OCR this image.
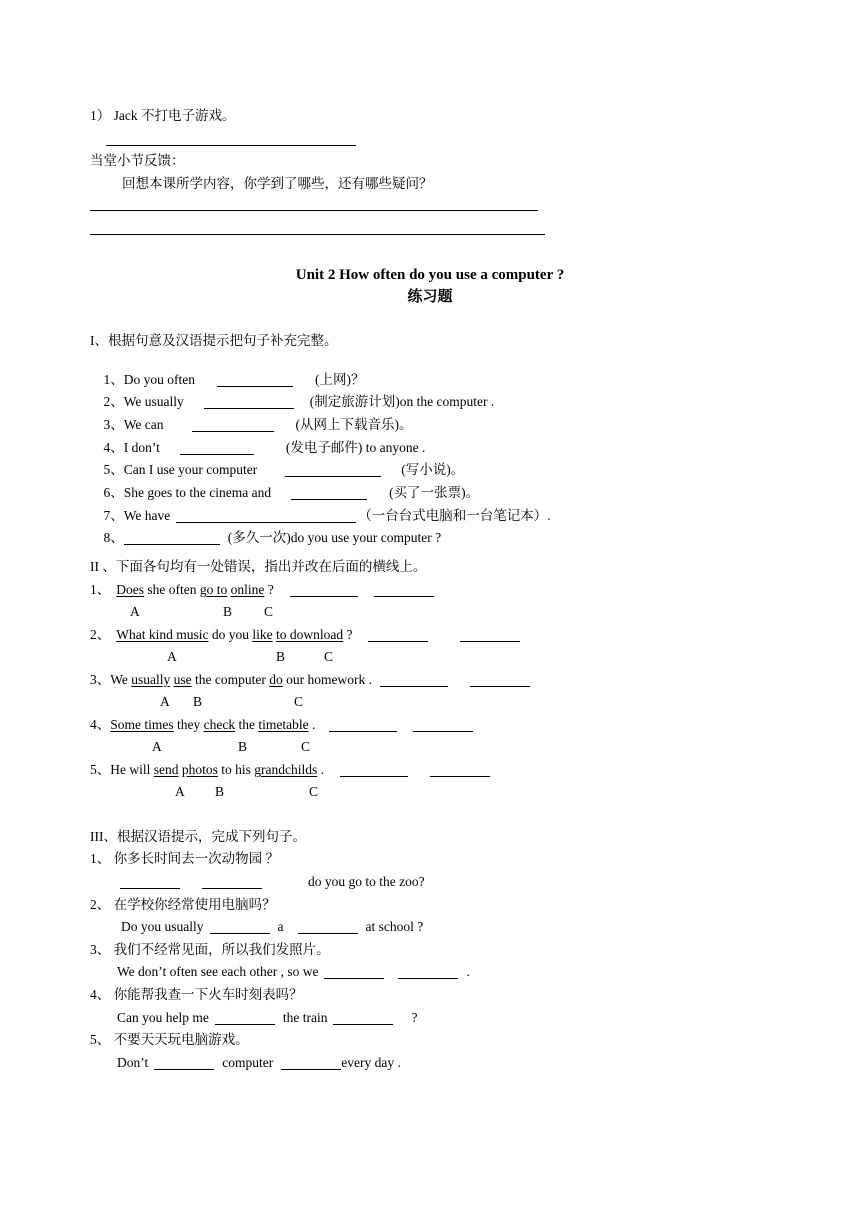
1） Jack 不打电子游戏。
当堂小节反馈：
回想本课所学内容，你学到了哪些，还有哪些疑问？
Unit 2 How often do you use a computer ?
练习题
I、根据句意及汉语提示把句子补充完整。

1、Do you often	(上网)？

2、We usually	(制定旅游计划)on the computer .

3、We can	(从网上下载音乐)。

4、I don’t	(发电子邮件) to anyone .

5、Can I use your computer	(写小说)。

6、She goes to the cinema and	(买了一张票)。

7、We have	（一台台式电脑和一台笔记本）.

8、	(多久一次)do you use your computer ?

II 、下面各句均有一处错误，指出并改在后面的横线上。
1、 Does she often go to online ?
A	B C
2、 What kind music do you like to download ?
A	B	C
3、We usually use the computer do our homework .
A B	C
4、Some times they check the timetable .
A	B	C
5、He will send photos to his grandchilds .
A B	C
III、根据汉语提示，完成下列句子。
1、 你多长时间去一次动物园 ？
do you go to the zoo?
2、 在学校你经常使用电脑吗？
Do you usually	a	at school ?
3、 我们不经常见面，所以我们发照片。
We don’t often see each other , so we	.
4、 你能帮我查一下火车时刻表吗？
Can you help me	the train	?
5、 不要天天玩电脑游戏。
Don’t	computer	every day .
